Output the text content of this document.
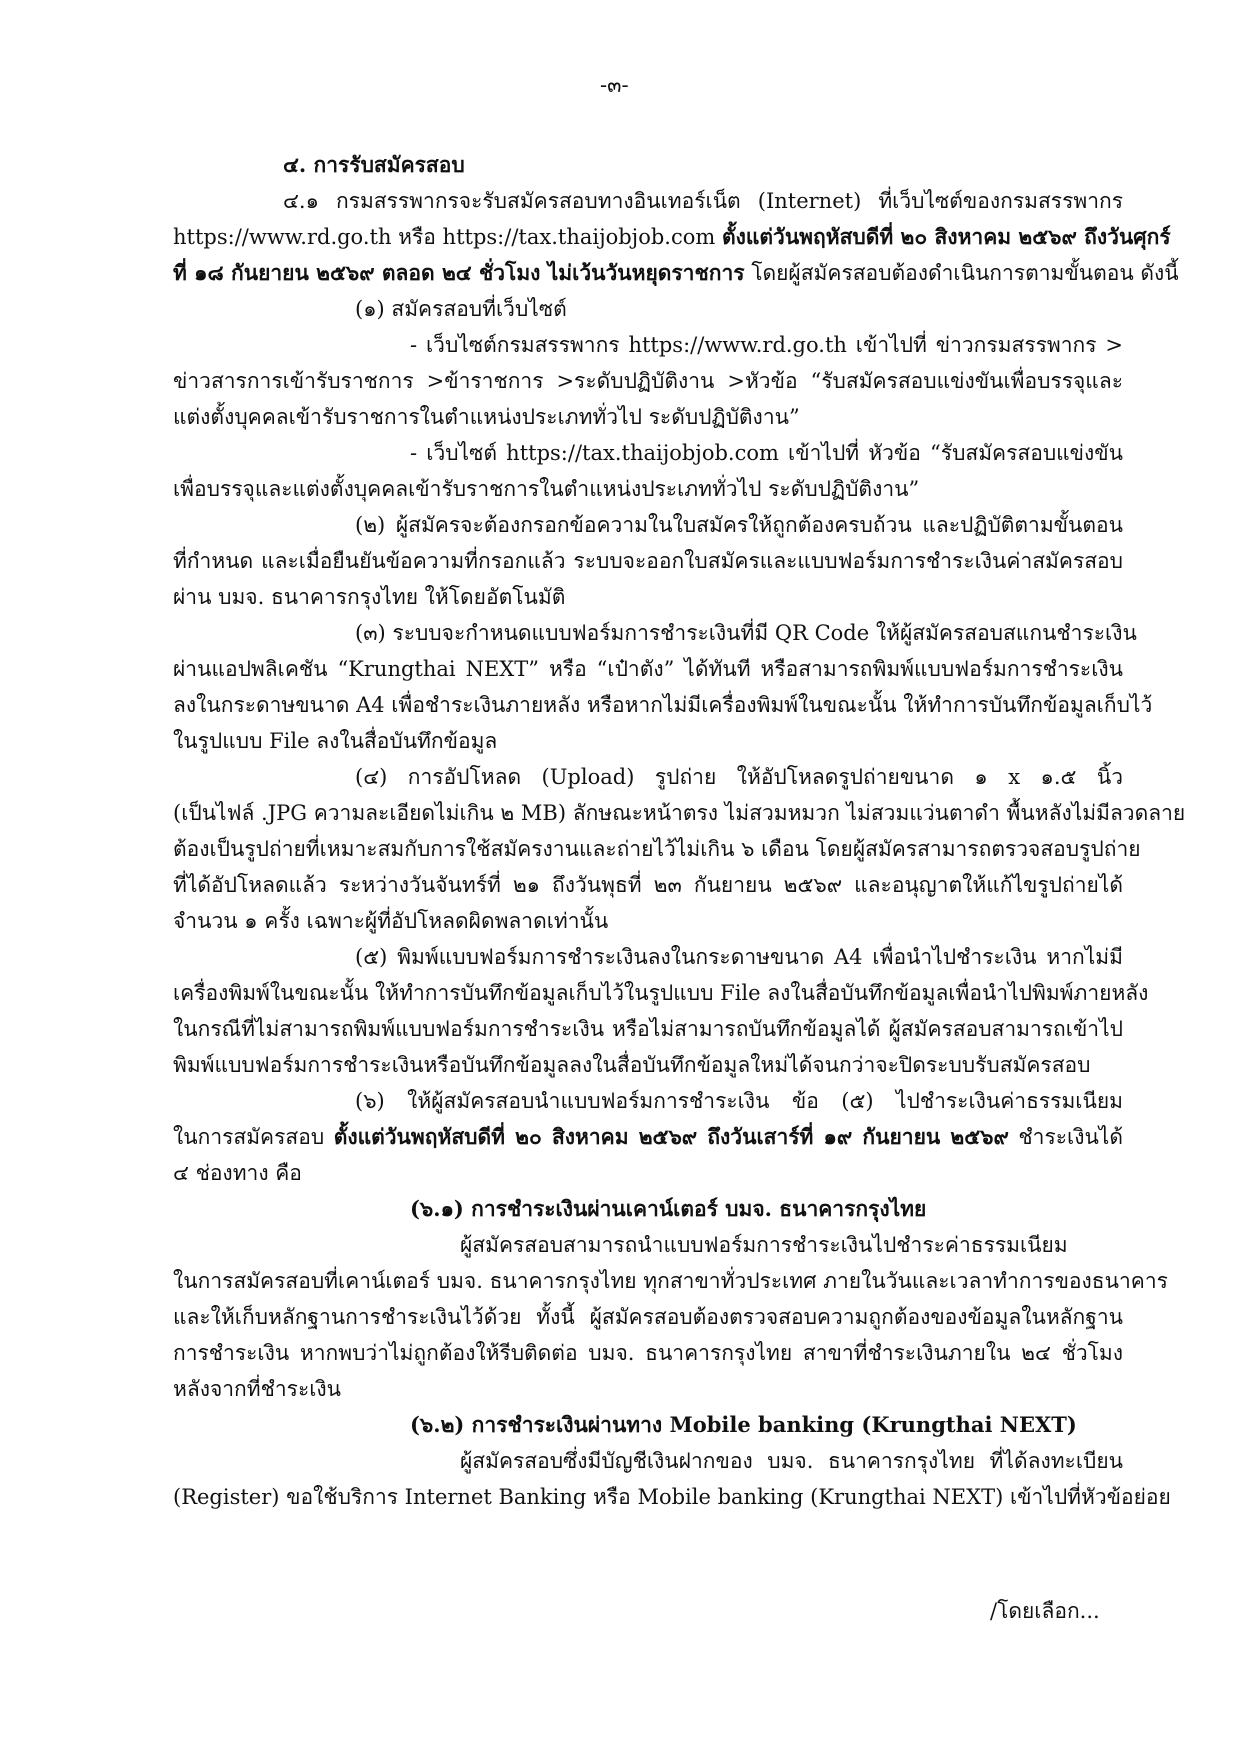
-๓-
๔. การรับสมัครสอบ
๔.๑ กรมสรรพากรจะรับสมัครสอบทางอินเทอร์เน็ต (Internet) ที่เว็บไซต์ของกรมสรรพากร
https://www.rd.go.th หรือ https://tax.thaijobjob.com ตั้งแต่วันพฤหัสบดีที่ ๒๐ สิงหาคม ๒๕๖๙ ถึงวันศุกร์
ที่ ๑๘ กันยายน ๒๕๖๙ ตลอด ๒๔ ชั่วโมง ไม่เว้นวันหยุดราชการ โดยผู้สมัครสอบต้องดำเนินการตามขั้นตอน ดังนี้
(๑) สมัครสอบที่เว็บไซต์
- เว็บไซต์กรมสรรพากร https://www.rd.go.th เข้าไปที่ ข่าวกรมสรรพากร >
ข่าวสารการเข้ารับราชการ >ข้าราชการ >ระดับปฏิบัติงาน >หัวข้อ “รับสมัครสอบแข่งขันเพื่อบรรจุและ
แต่งตั้งบุคคลเข้ารับราชการในตำแหน่งประเภททั่วไป ระดับปฏิบัติงาน”
- เว็บไซต์ https://tax.thaijobjob.com เข้าไปที่ หัวข้อ “รับสมัครสอบแข่งขัน
เพื่อบรรจุและแต่งตั้งบุคคลเข้ารับราชการในตำแหน่งประเภททั่วไป ระดับปฏิบัติงาน”
(๒) ผู้สมัครจะต้องกรอกข้อความในใบสมัครให้ถูกต้องครบถ้วน และปฏิบัติตามขั้นตอน
ที่กำหนด และเมื่อยืนยันข้อความที่กรอกแล้ว ระบบจะออกใบสมัครและแบบฟอร์มการชำระเงินค่าสมัครสอบ
ผ่าน บมจ. ธนาคารกรุงไทย ให้โดยอัตโนมัติ
(๓) ระบบจะกำหนดแบบฟอร์มการชำระเงินที่มี QR Code ให้ผู้สมัครสอบสแกนชำระเงิน
ผ่านแอปพลิเคชัน “Krungthai NEXT” หรือ “เป๋าตัง” ได้ทันที หรือสามารถพิมพ์แบบฟอร์มการชำระเงิน
ลงในกระดาษขนาด A4 เพื่อชำระเงินภายหลัง หรือหากไม่มีเครื่องพิมพ์ในขณะนั้น ให้ทำการบันทึกข้อมูลเก็บไว้
ในรูปแบบ File ลงในสื่อบันทึกข้อมูล
(๔) การอัปโหลด (Upload) รูปถ่าย ให้อัปโหลดรูปถ่ายขนาด ๑ x ๑.๕ นิ้ว
(เป็นไฟล์ .JPG ความละเอียดไม่เกิน ๒ MB) ลักษณะหน้าตรง ไม่สวมหมวก ไม่สวมแว่นตาดำ พื้นหลังไม่มีลวดลาย
ต้องเป็นรูปถ่ายที่เหมาะสมกับการใช้สมัครงานและถ่ายไว้ไม่เกิน ๖ เดือน โดยผู้สมัครสามารถตรวจสอบรูปถ่าย
ที่ได้อัปโหลดแล้ว ระหว่างวันจันทร์ที่ ๒๑ ถึงวันพุธที่ ๒๓ กันยายน ๒๕๖๙ และอนุญาตให้แก้ไขรูปถ่ายได้
จำนวน ๑ ครั้ง เฉพาะผู้ที่อัปโหลดผิดพลาดเท่านั้น
(๕) พิมพ์แบบฟอร์มการชำระเงินลงในกระดาษขนาด A4 เพื่อนำไปชำระเงิน หากไม่มี
เครื่องพิมพ์ในขณะนั้น ให้ทำการบันทึกข้อมูลเก็บไว้ในรูปแบบ File ลงในสื่อบันทึกข้อมูลเพื่อนำไปพิมพ์ภายหลัง
ในกรณีที่ไม่สามารถพิมพ์แบบฟอร์มการชำระเงิน หรือไม่สามารถบันทึกข้อมูลได้ ผู้สมัครสอบสามารถเข้าไป
พิมพ์แบบฟอร์มการชำระเงินหรือบันทึกข้อมูลลงในสื่อบันทึกข้อมูลใหม่ได้จนกว่าจะปิดระบบรับสมัครสอบ
(๖) ให้ผู้สมัครสอบนำแบบฟอร์มการชำระเงิน ข้อ (๕) ไปชำระเงินค่าธรรมเนียม
ในการสมัครสอบ ตั้งแต่วันพฤหัสบดีที่ ๒๐ สิงหาคม ๒๕๖๙ ถึงวันเสาร์ที่ ๑๙ กันยายน ๒๕๖๙ ชำระเงินได้
๔ ช่องทาง คือ
(๖.๑) การชำระเงินผ่านเคาน์เตอร์ บมจ. ธนาคารกรุงไทย
ผู้สมัครสอบสามารถนำแบบฟอร์มการชำระเงินไปชำระค่าธรรมเนียม
ในการสมัครสอบที่เคาน์เตอร์ บมจ. ธนาคารกรุงไทย ทุกสาขาทั่วประเทศ ภายในวันและเวลาทำการของธนาคาร
และให้เก็บหลักฐานการชำระเงินไว้ด้วย ทั้งนี้ ผู้สมัครสอบต้องตรวจสอบความถูกต้องของข้อมูลในหลักฐาน
การชำระเงิน หากพบว่าไม่ถูกต้องให้รีบติดต่อ บมจ. ธนาคารกรุงไทย สาขาที่ชำระเงินภายใน ๒๔ ชั่วโมง
หลังจากที่ชำระเงิน
(๖.๒) การชำระเงินผ่านทาง Mobile banking (Krungthai NEXT)
ผู้สมัครสอบซึ่งมีบัญชีเงินฝากของ บมจ. ธนาคารกรุงไทย ที่ได้ลงทะเบียน
(Register) ขอใช้บริการ Internet Banking หรือ Mobile banking (Krungthai NEXT) เข้าไปที่หัวข้อย่อย
/โดยเลือก...
